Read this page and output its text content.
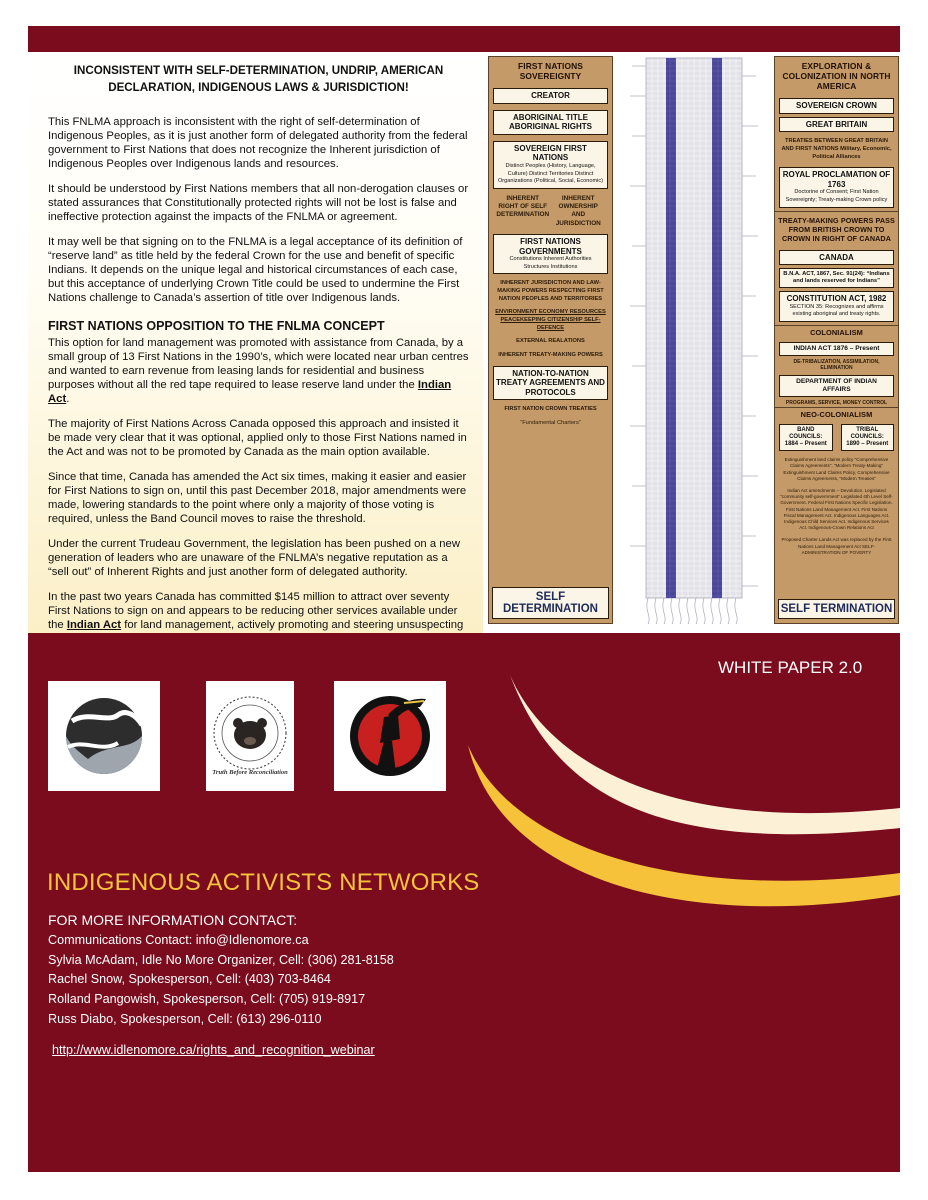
INCONSISTENT WITH SELF-DETERMINATION, UNDRIP, AMERICAN DECLARATION, INDIGENOUS LAWS & JURISDICTION!

This FNLMA approach is inconsistent with the right of self-determination of Indigenous Peoples, as it is just another form of delegated authority from the federal government to First Nations that does not recognize the Inherent jurisdiction of Indigenous Peoples over Indigenous lands and resources.

It should be understood by First Nations members that all non-derogation clauses or stated assurances that Constitutionally protected rights will not be lost is false and ineffective protection against the impacts of the FNLMA or agreement.

It may well be that signing on to the FNLMA is a legal acceptance of its definition of “reserve land” as title held by the federal Crown for the use and benefit of specific Indians. It depends on the unique legal and historical circumstances of each case, but this acceptance of underlying Crown Title could be used to undermine the First Nations challenge to Canada’s assertion of title over Indigenous lands.

FIRST NATIONS OPPOSITION TO THE FNLMA CONCEPT

This option for land management was promoted with assistance from Canada, by a small group of 13 First Nations in the 1990’s, which were located near urban centres and wanted to earn revenue from leasing lands for residential and business purposes without all the red tape required to lease reserve land under the Indian Act.

The majority of First Nations Across Canada opposed this approach and insisted it be made very clear that it was optional, applied only to those First Nations named in the Act and was not to be promoted by Canada as the main option available.

Since that time, Canada has amended the Act six times, making it easier and easier for First Nations to sign on, until this past December 2018, major amendments were made, lowering standards to the point where only a majority of those voting is required, unless the Band Council moves to raise the threshold.

Under the current Trudeau Government, the legislation has been pushed on a new generation of leaders who are unaware of the FNLMA’s negative reputation as a “sell out” of Inherent Rights and just another form of delegated authority.

In the past two years Canada has committed $145 million to attract over seventy First Nations to sign on and appears to be reducing other services available under the Indian Act for land management, actively promoting and steering unsuspecting

FIRST NATIONS SOVEREIGNTY
CREATOR
ABORIGINAL TITLE ABORIGINAL RIGHTS
SOVEREIGN FIRST NATIONS
Distinct Peoples (History, Language, Culture) Distinct Territories Distinct Organizations (Political, Social, Economic)
INHERENT RIGHT OF SELF DETERMINATION
INHERENT OWNERSHIP AND JURISDICTION
FIRST NATIONS GOVERNMENTS
Constitutions Inherent Authorities Structures Institutions
INHERENT JURISDICTION AND LAW-MAKING POWERS RESPECTING FIRST NATION PEOPLES AND TERRITORIES
ENVIRONMENT ECONOMY RESOURCES PEACEKEEPING CITIZENSHIP SELF-DEFENCE
EXTERNAL REALATIONS
INHERENT TREATY-MAKING POWERS
NATION-TO-NATION TREATY AGREEMENTS AND PROTOCOLS
FIRST NATION CROWN TREATIES
“Fundamental Charters”
SELF DETERMINATION
EXPLORATION & COLONIZATION IN NORTH AMERICA
SOVEREIGN CROWN
GREAT BRITAIN
TREATIES BETWEEN GREAT BRITAIN AND FIRST NATIONS Military, Economic, Political Alliances
ROYAL PROCLAMATION OF 1763
Doctorine of Consent; First Nation Sovereignty; Treaty-making Crown policy
TREATY-MAKING POWERS PASS FROM BRITISH CROWN TO CROWN IN RIGHT OF CANADA
CANADA
B.N.A. ACT, 1867, Sec. 91(24): “Indians and lands reserved for Indians”
CONSTITUTION ACT, 1982
SECTION 35: Recognizes and affirms existing aboriginal and treaty rights.
COLONIALISM
INDIAN ACT 1876 – Present
DE-TRIBALIZATION, ASSIMILATION, ELIMINATION
DEPARTMENT OF INDIAN AFFAIRS
PROGRAMS, SERVICE, MONEY CONTROL
NEO-COLONIALISM
BAND COUNCILS: 1884 – Present
TRIBAL COUNCILS: 1890 – Present
Extinguishment land claims policy “Comprehensive Claims Agreements”, “Modern Treaty-Making” Extinguishment Land Claims Policy, Comprehensive Claims Agreements, “Modern Treaties”
Indian Act amendments – Devolution. Legislated “community self-government” Legislated 4th Level Self-Government. Federal First Nations Specific Legislation. First Nations Land Management Act. First Nations Fiscal Management Act. Indigenous Languages Act. Indigenous Child Services Act. Indigenous Services Act. Indigenous-Crown Relations Act
Proposed Charter Lands Act was replaced by the First Nations Land Management Act SELF-ADMINISTRATION OF POVERTY
SELF TERMINATION
WHITE PAPER 2.0
Truth Before Reconciliation
INDIGENOUS ACTIVISTS NETWORKS
FOR MORE INFORMATION CONTACT:
Communications Contact: info@Idlenomore.ca
Sylvia McAdam, Idle No More Organizer, Cell: (306) 281-8158
Rachel Snow, Spokesperson, Cell: (403) 703-8464
Rolland Pangowish, Spokesperson, Cell: (705) 919-8917
Russ Diabo, Spokesperson, Cell: (613) 296-0110
http://www.idlenomore.ca/rights_and_recognition_webinar
